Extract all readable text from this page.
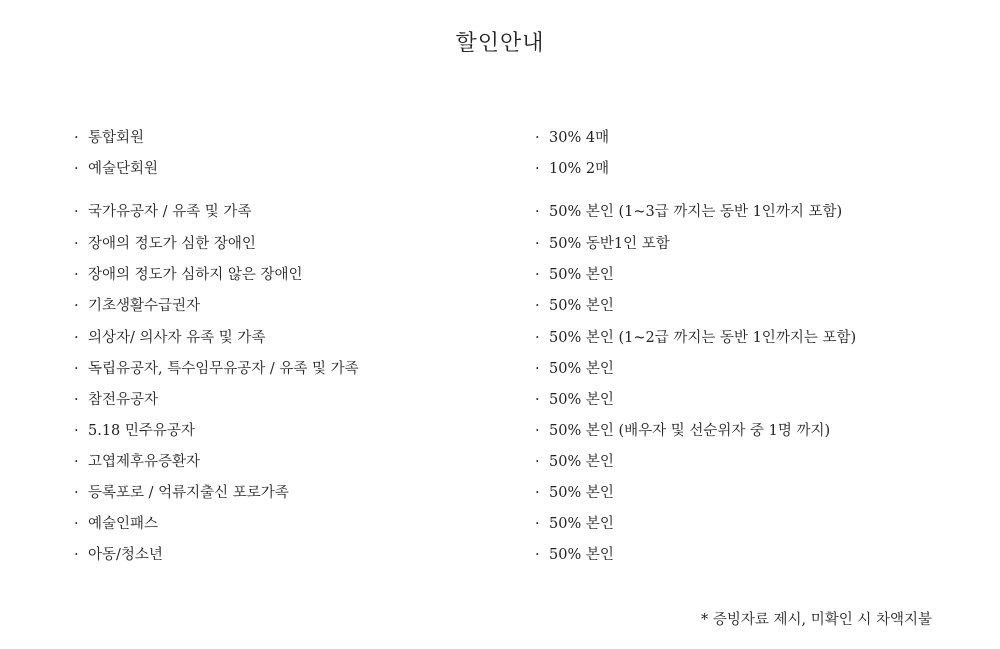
할인안내
· 통합회원	· 30% 4매
· 예술단회원	· 10% 2매
· 국가유공자 / 유족 및 가족	· 50% 본인 (1~3급 까지는 동반 1인까지 포함)
· 장애의 정도가 심한 장애인	· 50% 동반1인 포함
· 장애의 정도가 심하지 않은 장애인	· 50% 본인
· 기초생활수급권자	· 50% 본인
· 의상자/ 의사자 유족 및 가족	· 50% 본인 (1~2급 까지는 동반 1인까지는 포함)
· 독립유공자, 특수임무유공자 / 유족 및 가족	· 50% 본인
· 참전유공자	· 50% 본인
· 5.18 민주유공자	· 50% 본인 (배우자 및 선순위자 중 1명 까지)
· 고엽제후유증환자	· 50% 본인
· 등록포로 / 억류지출신 포로가족	· 50% 본인
· 예술인패스	· 50% 본인
· 아동/청소년	· 50% 본인
* 증빙자료 제시, 미확인 시 차액지불
